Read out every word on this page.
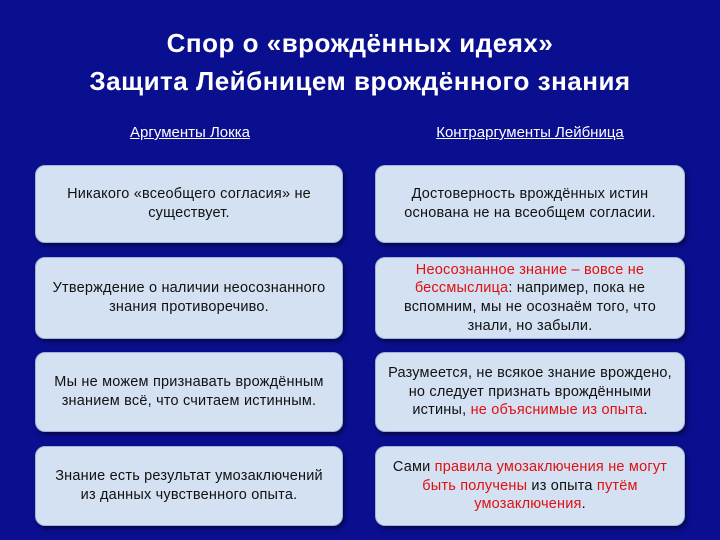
Спор о «врождённых идеях»
Защита Лейбницем врождённого знания
Аргументы Локка	Контраргументы Лейбница
Никакого «всеобщего согласия» не существует.
Достоверность врождённых истин основана не на всеобщем согласии.
Утверждение о наличии неосознанного знания противоречиво.
Неосознанное знание – вовсе не бессмыслица: например, пока не вспомним, мы не осознаём того, что знали, но забыли.
Мы не можем признавать врождённым знанием всё, что считаем истинным.
Разумеется, не всякое знание врождено, но следует признать врождёнными истины, не объяснимые из опыта.
Знание есть результат умозаключений из данных чувственного опыта.
Сами правила умозаключения не могут быть получены из опыта путём умозаключения.
